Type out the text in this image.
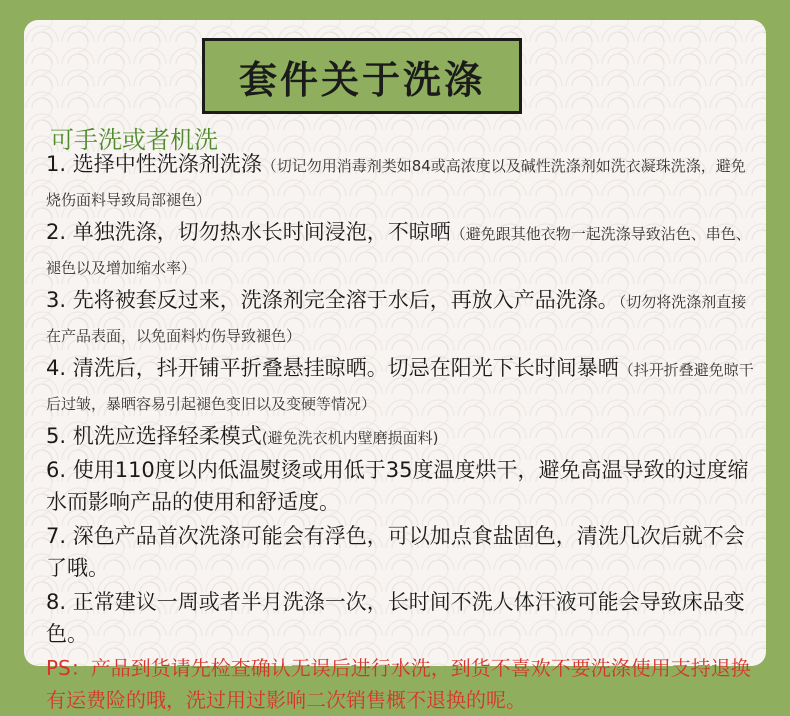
套件关于洗涤
可手洗或者机洗
1. 选择中性洗涤剂洗涤（切记勿用消毒剂类如84或高浓度以及碱性洗涤剂如洗衣凝珠洗涤，避免烧伤面料导致局部褪色）
2. 单独洗涤，切勿热水长时间浸泡，不晾晒（避免跟其他衣物一起洗涤导致沾色、串色、褪色以及增加缩水率）
3. 先将被套反过来，洗涤剂完全溶于水后，再放入产品洗涤。（切勿将洗涤剂直接在产品表面，以免面料灼伤导致褪色）
4. 清洗后，抖开铺平折叠悬挂晾晒。切忌在阳光下长时间暴晒（抖开折叠避免晾干后过皱，暴晒容易引起褪色变旧以及变硬等情况）
5. 机洗应选择轻柔模式(避免洗衣机内壁磨损面料)
6. 使用110度以内低温熨烫或用低于35度温度烘干，避免高温导致的过度缩水而影响产品的使用和舒适度。
7. 深色产品首次洗涤可能会有浮色，可以加点食盐固色，清洗几次后就不会了哦。
8. 正常建议一周或者半月洗涤一次，长时间不洗人体汗液可能会导致床品变色。
PS：产品到货请先检查确认无误后进行水洗，到货不喜欢不要洗涤使用支持退换有运费险的哦，洗过用过影响二次销售概不退换的呢。
